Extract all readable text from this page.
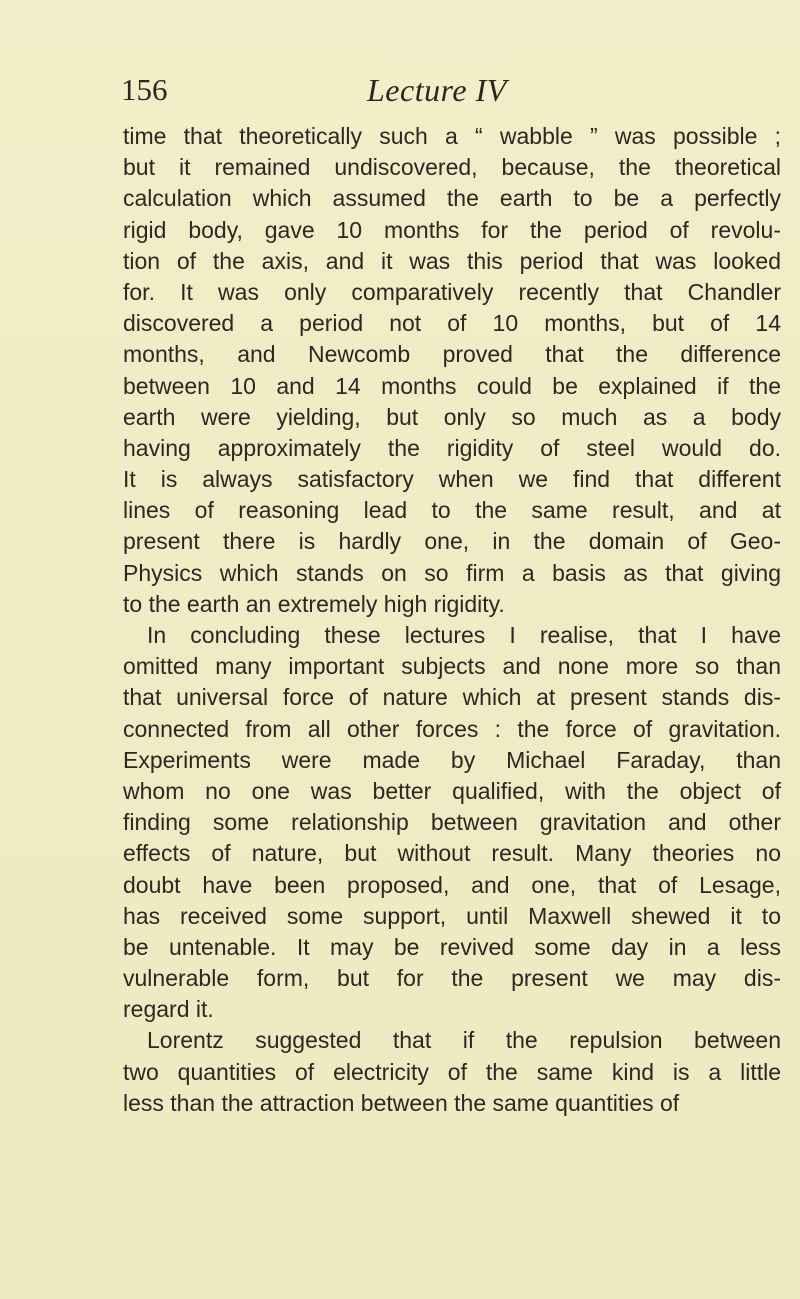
156	Lecture IV
time that theoretically such a “ wabble ” was possible ;
but it remained undiscovered, because, the theoretical
calculation which assumed the earth to be a perfectly
rigid body, gave 10 months for the period of revolu-
tion of the axis, and it was this period that was looked
for. It was only comparatively recently that Chandler
discovered a period not of 10 months, but of 14
months, and Newcomb proved that the difference
between 10 and 14 months could be explained if the
earth were yielding, but only so much as a body
having approximately the rigidity of steel would do.
It is always satisfactory when we find that different
lines of reasoning lead to the same result, and at
present there is hardly one, in the domain of Geo-
Physics which stands on so firm a basis as that giving
to the earth an extremely high rigidity.
In concluding these lectures I realise, that I have
omitted many important subjects and none more so than
that universal force of nature which at present stands dis-
connected from all other forces : the force of gravitation.
Experiments were made by Michael Faraday, than
whom no one was better qualified, with the object of
finding some relationship between gravitation and other
effects of nature, but without result. Many theories no
doubt have been proposed, and one, that of Lesage,
has received some support, until Maxwell shewed it to
be untenable. It may be revived some day in a less
vulnerable form, but for the present we may dis-
regard it.
Lorentz suggested that if the repulsion between
two quantities of electricity of the same kind is a little
less than the attraction between the same quantities of
